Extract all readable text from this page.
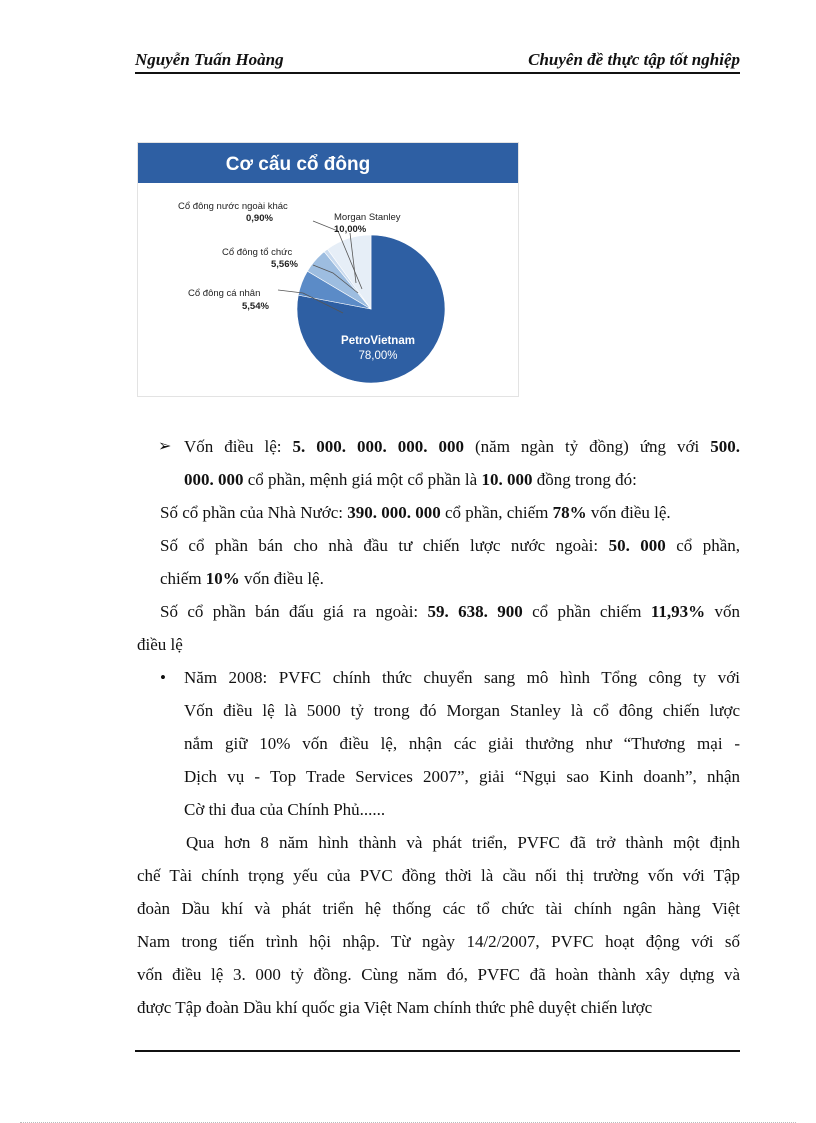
Nguyễn Tuấn Hoàng	Chuyên đề thực tập tốt nghiệp
Cơ cấu cổ đông
Cổ đông nước ngoài khác
0,90%	Morgan Stanley
10,00%
Cổ đông tổ chức
5,56%
Cổ đông cá nhân
5,54%
PetroVietnam
78,00%
➢ Vốn điều lệ: 5. 000. 000. 000. 000 (năm ngàn tỷ đồng) ứng với 500.
000. 000 cổ phần, mệnh giá một cổ phần là 10. 000 đồng trong đó:
Số cổ phần của Nhà Nước: 390. 000. 000 cổ phần, chiếm 78% vốn điều lệ.
Số cổ phần bán cho nhà đầu tư chiến lược nước ngoài: 50. 000 cổ phần,
chiếm 10% vốn điều lệ.
Số cổ phần bán đấu giá ra ngoài: 59. 638. 900 cổ phần chiếm 11,93% vốn
điều lệ
• Năm 2008: PVFC chính thức chuyển sang mô hình Tổng công ty với
Vốn điều lệ là 5000 tỷ trong đó Morgan Stanley là cổ đông chiến lược
nắm giữ 10% vốn điều lệ, nhận các giải thưởng như “Thương mại -
Dịch vụ - Top Trade Services 2007”, giải “Ngụi sao Kinh doanh”, nhận
Cờ thi đua của Chính Phủ......
Qua hơn 8 năm hình thành và phát triển, PVFC đã trở thành một định
chế Tài chính trọng yếu của PVC đồng thời là cầu nối thị trường vốn với Tập
đoàn Dầu khí và phát triển hệ thống các tổ chức tài chính ngân hàng Việt
Nam trong tiến trình hội nhập. Từ ngày 14/2/2007, PVFC hoạt động với số
vốn điều lệ 3. 000 tỷ đồng. Cùng năm đó, PVFC đã hoàn thành xây dựng và
được Tập đoàn Dầu khí quốc gia Việt Nam chính thức phê duyệt chiến lược
